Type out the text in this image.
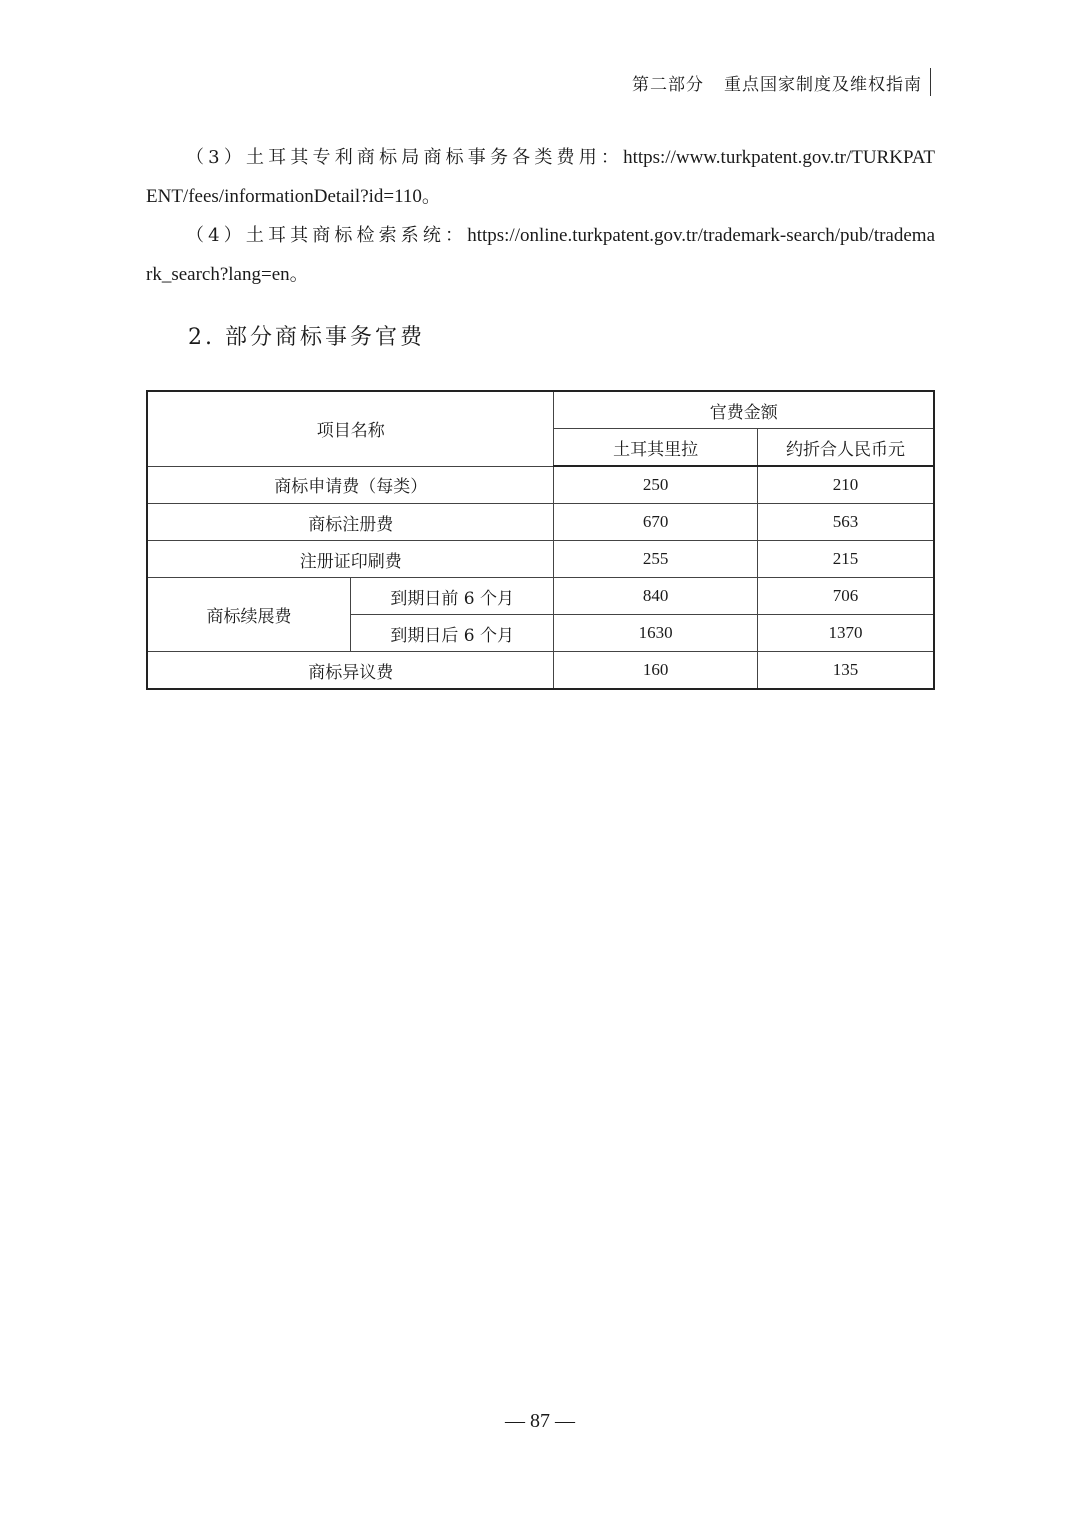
第二部分 重点国家制度及维权指南
（3）土耳其专利商标局商标事务各类费用：https://www.turkpatent.gov.tr/TURKPATENT/fees/informationDetail?id=110。
（4）土耳其商标检索系统：https://online.turkpatent.gov.tr/trademark-search/pub/trademark_search?lang=en。
2. 部分商标事务官费
项目名称		官费金额	
		土耳其里拉	约折合人民币元
商标申请费（每类）		250	210
商标注册费		670	563
注册证印刷费		255	215
商标续展费	到期日前 6 个月	840	706
	到期日后 6 个月	1630	1370
商标异议费		160	135
— 87 —
